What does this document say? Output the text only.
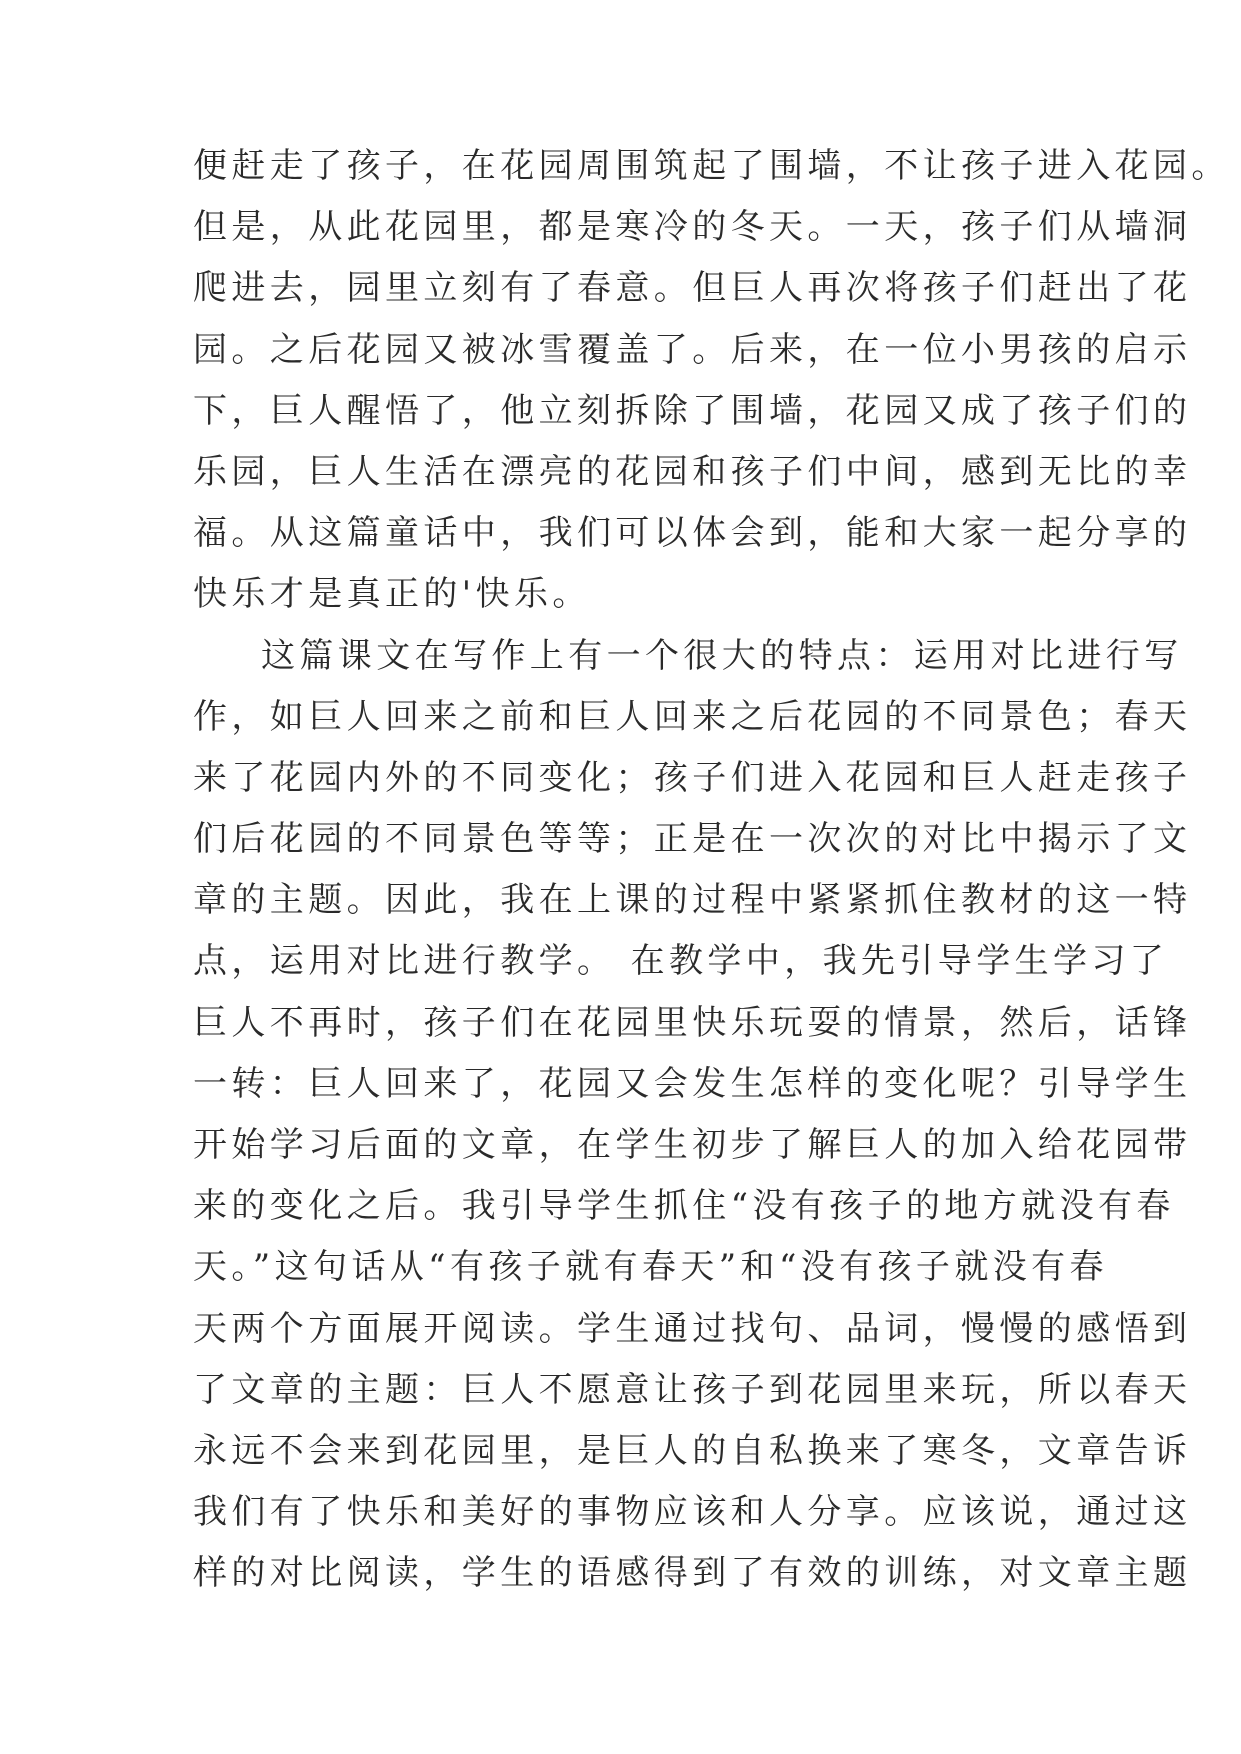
便赶走了孩子，在花园周围筑起了围墙，不让孩子进入花园。
但是，从此花园里，都是寒冷的冬天。一天，孩子们从墙洞
爬进去，园里立刻有了春意。但巨人再次将孩子们赶出了花
园。之后花园又被冰雪覆盖了。后来，在一位小男孩的启示
下，巨人醒悟了，他立刻拆除了围墙，花园又成了孩子们的
乐园，巨人生活在漂亮的花园和孩子们中间，感到无比的幸
福。从这篇童话中，我们可以体会到，能和大家一起分享的
快乐才是真正的'快乐。
这篇课文在写作上有一个很大的特点：运用对比进行写
作，如巨人回来之前和巨人回来之后花园的不同景色；春天
来了花园内外的不同变化；孩子们进入花园和巨人赶走孩子
们后花园的不同景色等等；正是在一次次的对比中揭示了文
章的主题。因此，我在上课的过程中紧紧抓住教材的这一特
点，运用对比进行教学。 在教学中，我先引导学生学习了
巨人不再时，孩子们在花园里快乐玩耍的情景，然后，话锋
一转：巨人回来了，花园又会发生怎样的变化呢？引导学生
开始学习后面的文章，在学生初步了解巨人的加入给花园带
来的变化之后。我引导学生抓住“没有孩子的地方就没有春
天。”这句话从“有孩子就有春天”和“没有孩子就没有春
天两个方面展开阅读。学生通过找句、品词，慢慢的感悟到
了文章的主题：巨人不愿意让孩子到花园里来玩，所以春天
永远不会来到花园里，是巨人的自私换来了寒冬，文章告诉
我们有了快乐和美好的事物应该和人分享。应该说，通过这
样的对比阅读，学生的语感得到了有效的训练，对文章主题
